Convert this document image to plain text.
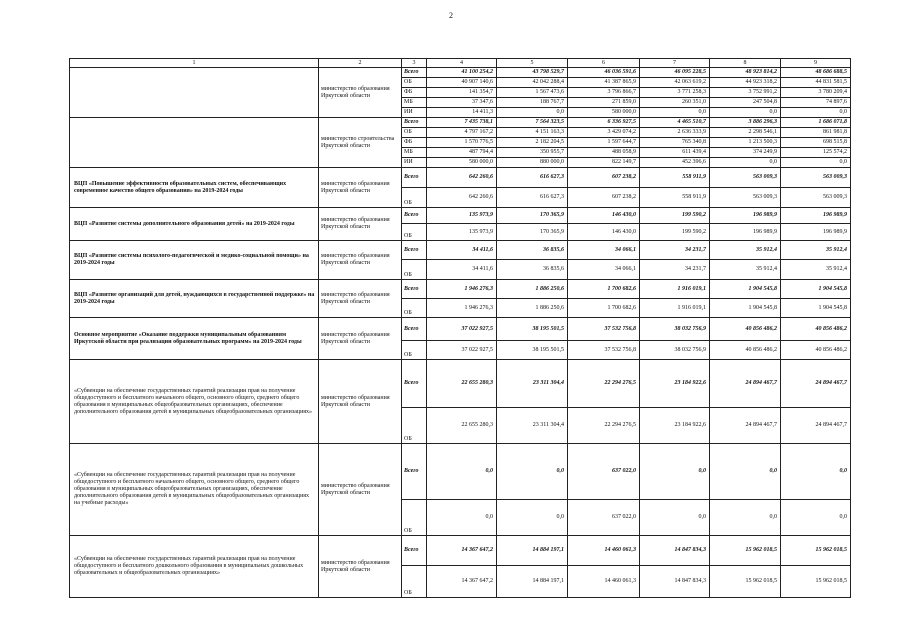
2
1	2	3	4	5	6	7	8	9
	министерство образования Иркутской области	Всего	41 100 254,2	43 798 529,7	46 036 591,6	46 095 228,5	48 923 814,2	48 686 688,5
		ОБ	40 907 140,6	42 042 288,4	41 387 865,9	42 063 619,2	44 923 318,2	44 831 581,5
		ФБ	141 354,7	1 567 473,6	3 796 866,7	3 771 258,3	3 752 991,2	3 780 209,4
		МБ	37 347,6	188 767,7	271 859,0	260 351,0	247 504,8	74 897,6
		ИИ	14 411,3	0,0	580 000,0	0,0	0,0	0,0
	министерство строительства Иркутской области	Всего	7 435 738,1	7 564 323,5	6 336 927,5	4 465 510,7	3 886 296,3	1 686 071,8
		ОБ	4 797 167,2	4 151 163,3	3 429 074,2	2 636 333,9	2 298 546,1	861 981,8
		ФБ	1 570 776,5	2 182 204,5	1 597 644,7	765 340,8	1 213 500,3	698 515,8
		МБ	487 794,4	350 955,7	488 058,9	611 439,4	374 249,9	125 574,2
		ИИ	580 000,0	880 000,0	822 149,7	452 396,6	0,0	0,0
ВЦП «Повышение эффективности образовательных систем, обеспечивающих современное качество общего образования» на 2019-2024 годы	министерство образования Иркутской области	Всего	642 260,6	616 627,3	607 238,2	558 911,9	563 009,3	563 009,3
		ОБ	642 260,6	616 627,3	607 238,2	558 911,9	563 009,3	563 009,3
ВЦП «Развитие системы дополнительного образования детей» на 2019-2024 годы	министерство образования Иркутской области	Всего	135 973,9	170 365,9	146 430,0	199 590,2	196 989,9	196 989,9
		ОБ	135 973,9	170 365,9	146 430,0	199 590,2	196 989,9	196 989,9
ВЦП «Развитие системы психолого-педагогической и медико-социальной помощи» на 2019-2024 годы	министерство образования Иркутской области	Всего	34 411,6	36 835,6	34 066,1	34 231,7	35 912,4	35 912,4
		ОБ	34 411,6	36 835,6	34 066,1	34 231,7	35 912,4	35 912,4
ВЦП «Развитие организаций для детей, нуждающихся в государственной поддержке» на 2019-2024 годы	министерство образования Иркутской области	Всего	1 946 276,3	1 886 250,6	1 700 682,6	1 916 019,1	1 904 545,8	1 904 545,8
		ОБ	1 946 276,3	1 886 250,6	1 700 682,6	1 916 019,1	1 904 545,8	1 904 545,8
Основное мероприятие «Оказание поддержки муниципальным образованиям Иркутской области при реализации образовательных программ» на 2019-2024 годы	министерство образования Иркутской области	Всего	37 022 927,5	38 195 501,5	37 532 756,8	38 032 756,9	40 856 486,2	40 856 486,2
		ОБ	37 022 927,5	38 195 501,5	37 532 756,8	38 032 756,9	40 856 486,2	40 856 486,2
«Субвенции на обеспечение государственных гарантий реализации прав на получение общедоступного и бесплатного начального общего, основного общего, среднего общего образования в муниципальных общеобразовательных организациях, обеспечение дополнительного образования детей в муниципальных общеобразовательных организациях»	министерство образования Иркутской области	Всего	22 655 280,3	23 311 304,4	22 294 276,5	23 184 922,6	24 894 467,7	24 894 467,7
		ОБ	22 655 280,3	23 311 304,4	22 294 276,5	23 184 922,6	24 894 467,7	24 894 467,7
«Субвенции на обеспечение государственных гарантий реализации прав на получение общедоступного и бесплатного начального общего, основного общего, среднего общего образования в муниципальных общеобразовательных организациях, обеспечение дополнительного образования детей в муниципальных общеобразовательных организациях на учебные расходы»	министерство образования Иркутской области	Всего	0,0	0,0	637 022,0	0,0	0,0	0,0
		ОБ	0,0	0,0	637 022,0	0,0	0,0	0,0
«Субвенции на обеспечение государственных гарантий реализации прав на получение общедоступного и бесплатного дошкольного образования в муниципальных дошкольных образовательных и общеобразовательных организациях»	министерство образования Иркутской области	Всего	14 367 647,2	14 884 197,1	14 460 061,3	14 847 834,3	15 962 018,5	15 962 018,5
		ОБ	14 367 647,2	14 884 197,1	14 460 061,3	14 847 834,3	15 962 018,5	15 962 018,5
